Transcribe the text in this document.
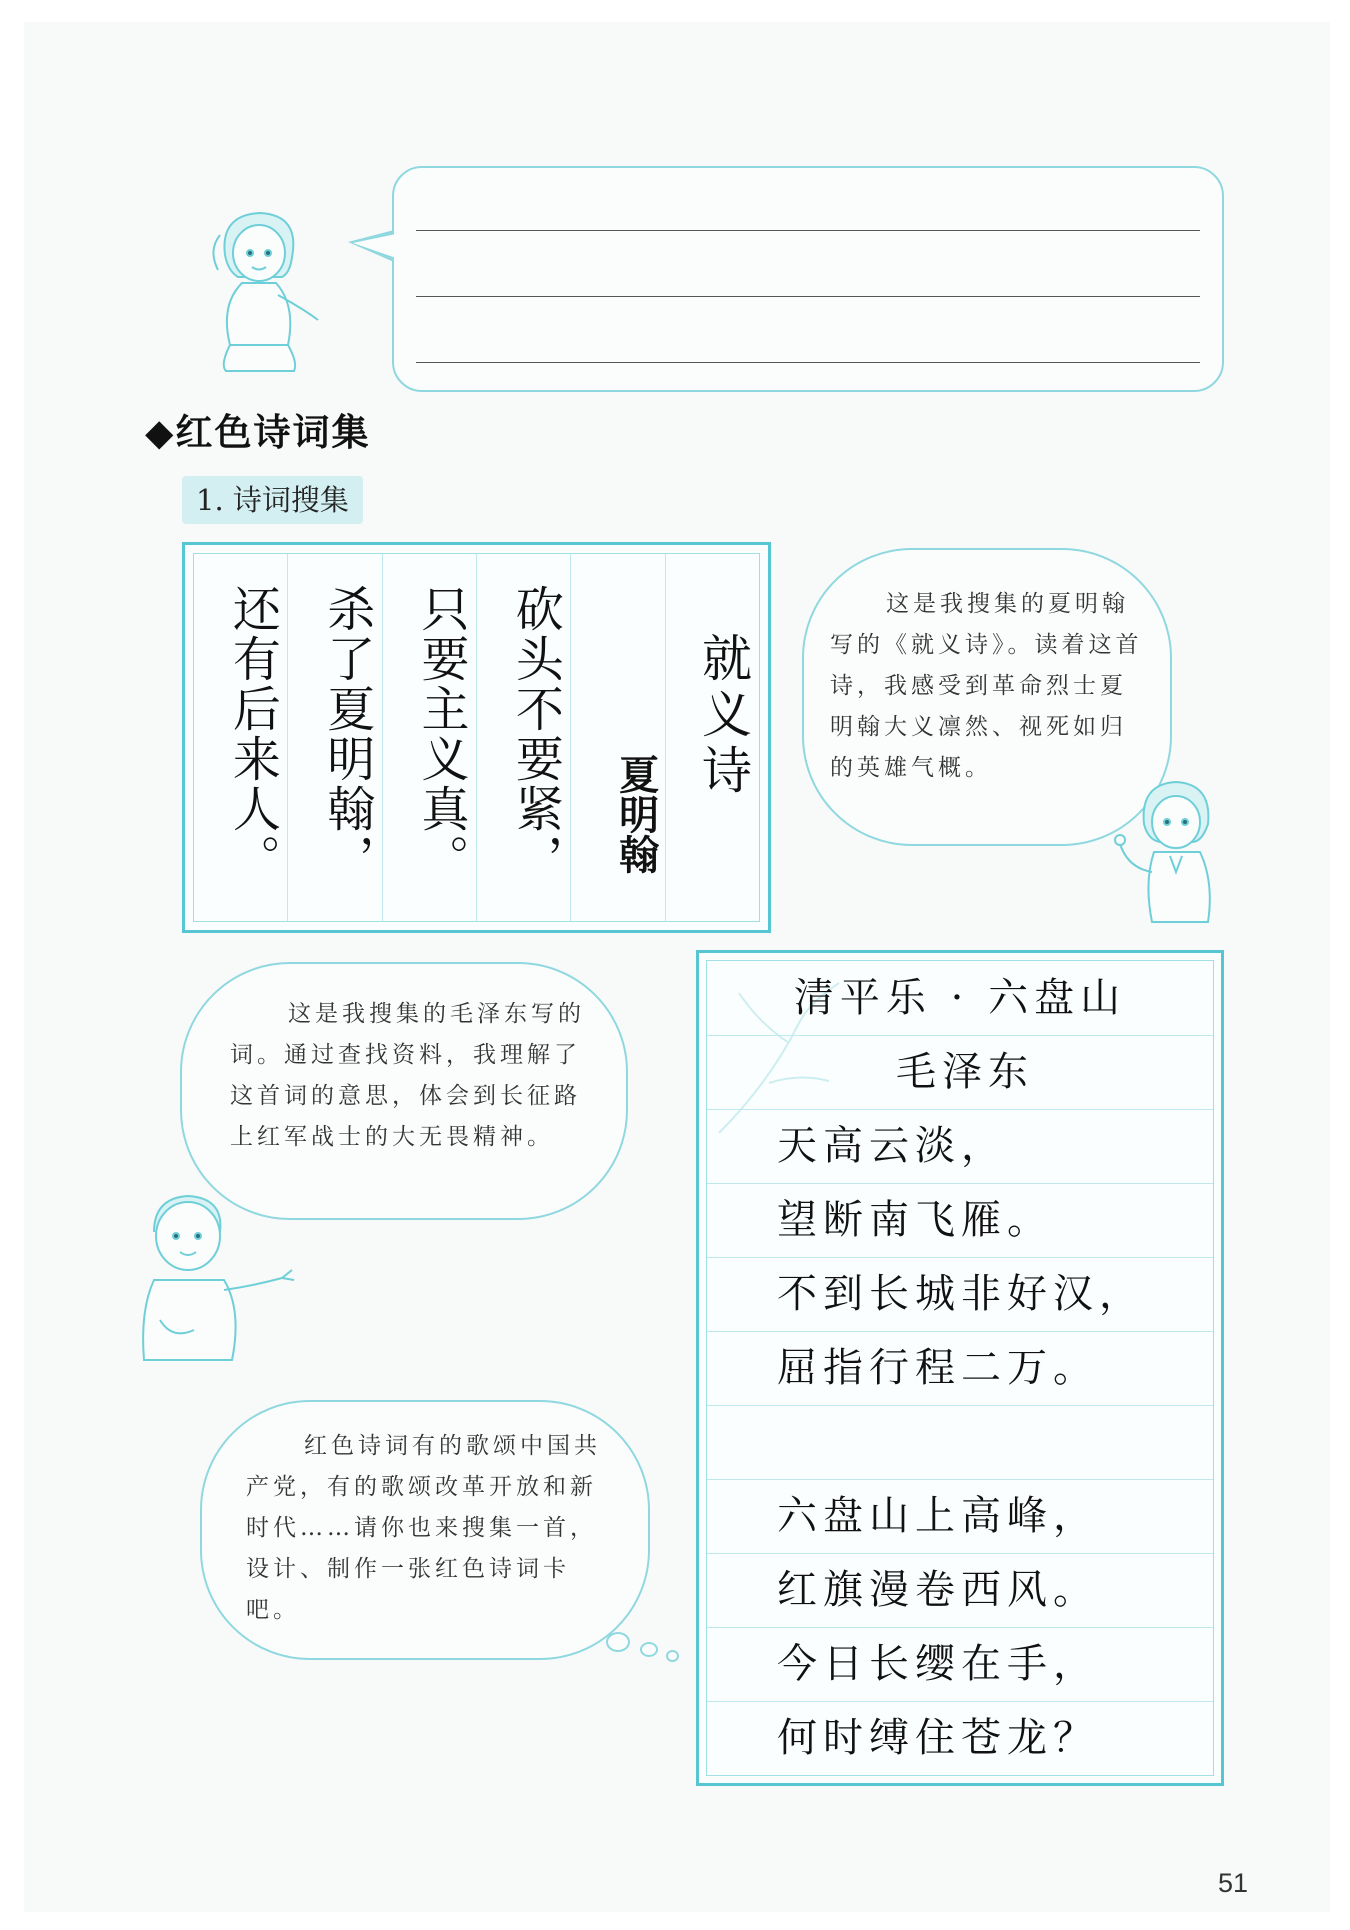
◆红色诗词集
1. 诗词搜集
就义诗
夏明翰
砍头不要紧，
只要主义真。
杀了夏明翰，
还有后来人。	这是我搜集的夏明翰写的《就义诗》。读着这首诗，我感受到革命烈士夏明翰大义凛然、视死如归的英雄气概。
这是我搜集的毛泽东写的词。通过查找资料，我理解了这首词的意思，体会到长征路上红军战士的大无畏精神。
红色诗词有的歌颂中国共产党，有的歌颂改革开放和新时代……请你也来搜集一首，设计、制作一张红色诗词卡吧。
清平乐 · 六盘山
毛泽东
天高云淡，
望断南飞雁。
不到长城非好汉，
屈指行程二万。
六盘山上高峰，
红旗漫卷西风。
今日长缨在手，
何时缚住苍龙？
51
